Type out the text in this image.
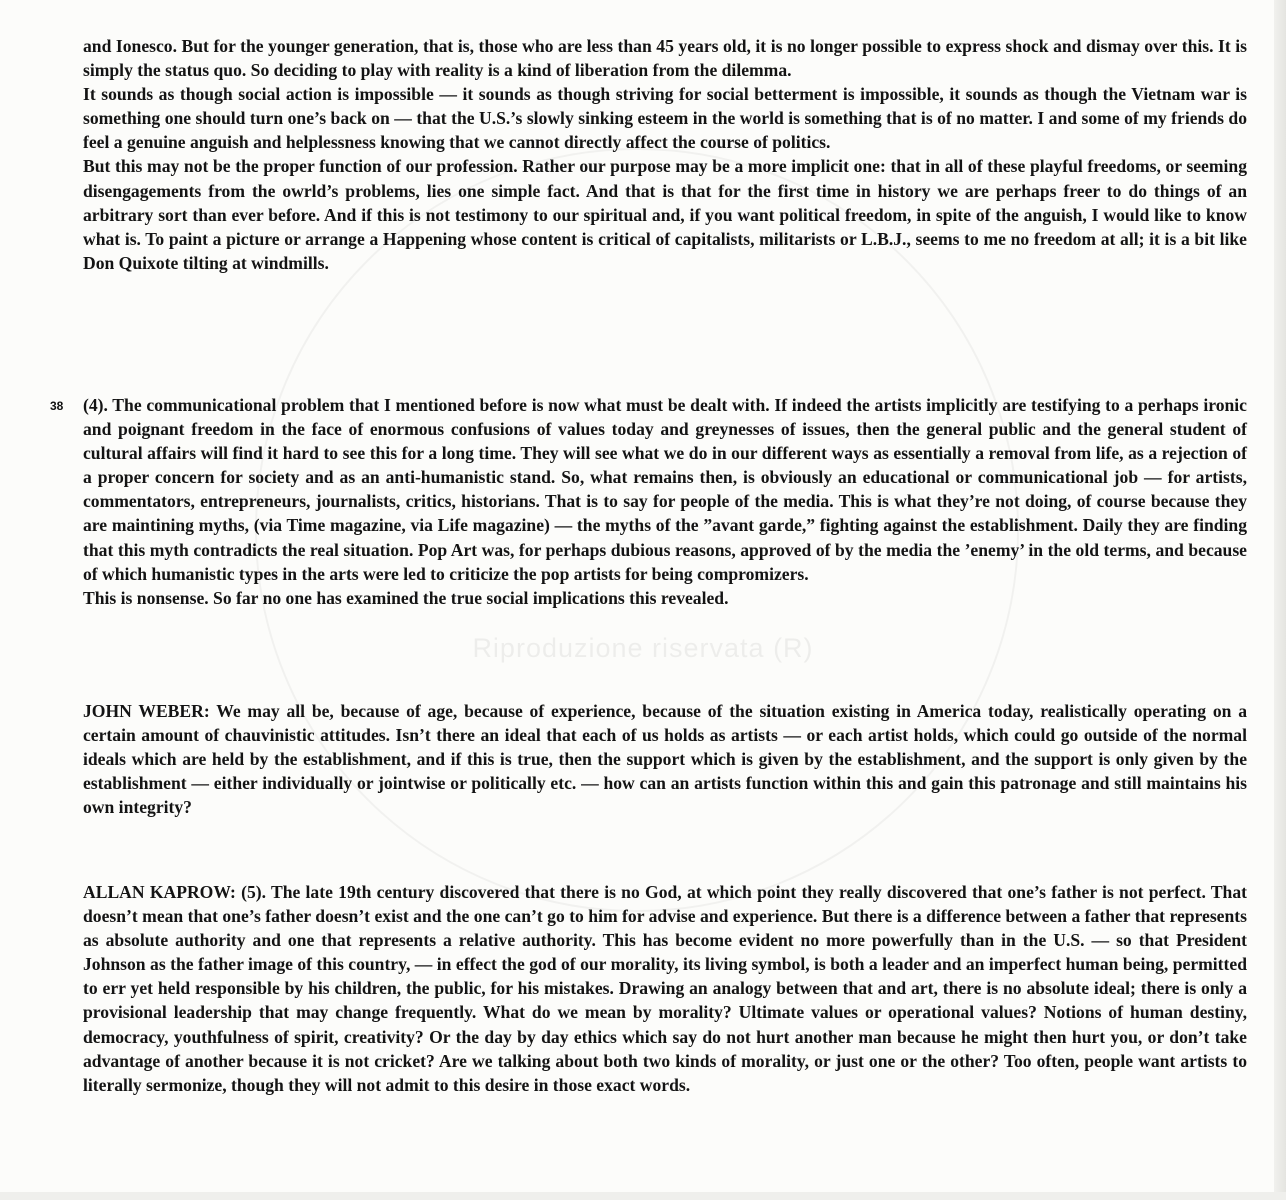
Riproduzione riservata (R)
38

and Ionesco. But for the younger generation, that is, those who are less than 45 years old, it is no longer possible to express shock and dismay over this. It is simply the status quo. So deciding to play with reality is a kind of liberation from the dilemma.

It sounds as though social action is impossible — it sounds as though striving for social betterment is impossible, it sounds as though the Vietnam war is something one should turn one’s back on — that the U.S.’s slowly sinking esteem in the world is something that is of no matter. I and some of my friends do feel a genuine anguish and helplessness knowing that we cannot directly affect the course of politics.

But this may not be the proper function of our profession. Rather our purpose may be a more implicit one: that in all of these playful freedoms, or seeming disengagements from the owrld’s problems, lies one simple fact. And that is that for the first time in history we are perhaps freer to do things of an arbitrary sort than ever before. And if this is not testimony to our spiritual and, if you want political freedom, in spite of the anguish, I would like to know what is. To paint a picture or arrange a Happening whose content is critical of capitalists, militarists or L.B.J., seems to me no freedom at all; it is a bit like Don Quixote tilting at windmills.

(4). The communicational problem that I mentioned before is now what must be dealt with. If indeed the artists implicitly are testifying to a perhaps ironic and poignant freedom in the face of enormous confusions of values today and greynesses of issues, then the general public and the general student of cultural affairs will find it hard to see this for a long time. They will see what we do in our different ways as essentially a removal from life, as a rejection of a proper concern for society and as an anti-humanistic stand. So, what remains then, is obviously an educational or communicational job — for artists, commentators, entrepreneurs, journalists, critics, historians. That is to say for people of the media. This is what they’re not doing, of course because they are maintining myths, (via Time magazine, via Life magazine) — the myths of the ”avant garde,” fighting against the establishment. Daily they are finding that this myth contradicts the real situation. Pop Art was, for perhaps dubious reasons, approved of by the media the ’enemy’ in the old terms, and because of which humanistic types in the arts were led to criticize the pop artists for being compromizers.

This is nonsense. So far no one has examined the true social implications this revealed.

JOHN WEBER: We may all be, because of age, because of experience, because of the situation existing in America today, realistically operating on a certain amount of chauvinistic attitudes. Isn’t there an ideal that each of us holds as artists — or each artist holds, which could go outside of the normal ideals which are held by the establishment, and if this is true, then the support which is given by the establishment, and the support is only given by the establishment — either individually or jointwise or politically etc. — how can an artists function within this and gain this patronage and still maintains his own integrity?

ALLAN KAPROW: (5). The late 19th century discovered that there is no God, at which point they really discovered that one’s father is not perfect. That doesn’t mean that one’s father doesn’t exist and the one can’t go to him for advise and experience. But there is a difference between a father that represents as absolute authority and one that represents a relative authority. This has become evident no more powerfully than in the U.S. — so that President Johnson as the father image of this country, — in effect the god of our morality, its living symbol, is both a leader and an imperfect human being, permitted to err yet held responsible by his children, the public, for his mistakes. Drawing an analogy between that and art, there is no absolute ideal; there is only a provisional leadership that may change frequently. What do we mean by morality? Ultimate values or operational values? Notions of human destiny, democracy, youthfulness of spirit, creativity? Or the day by day ethics which say do not hurt another man because he might then hurt you, or don’t take advantage of another because it is not cricket? Are we talking about both two kinds of morality, or just one or the other? Too often, people want artists to literally sermonize, though they will not admit to this desire in those exact words.
